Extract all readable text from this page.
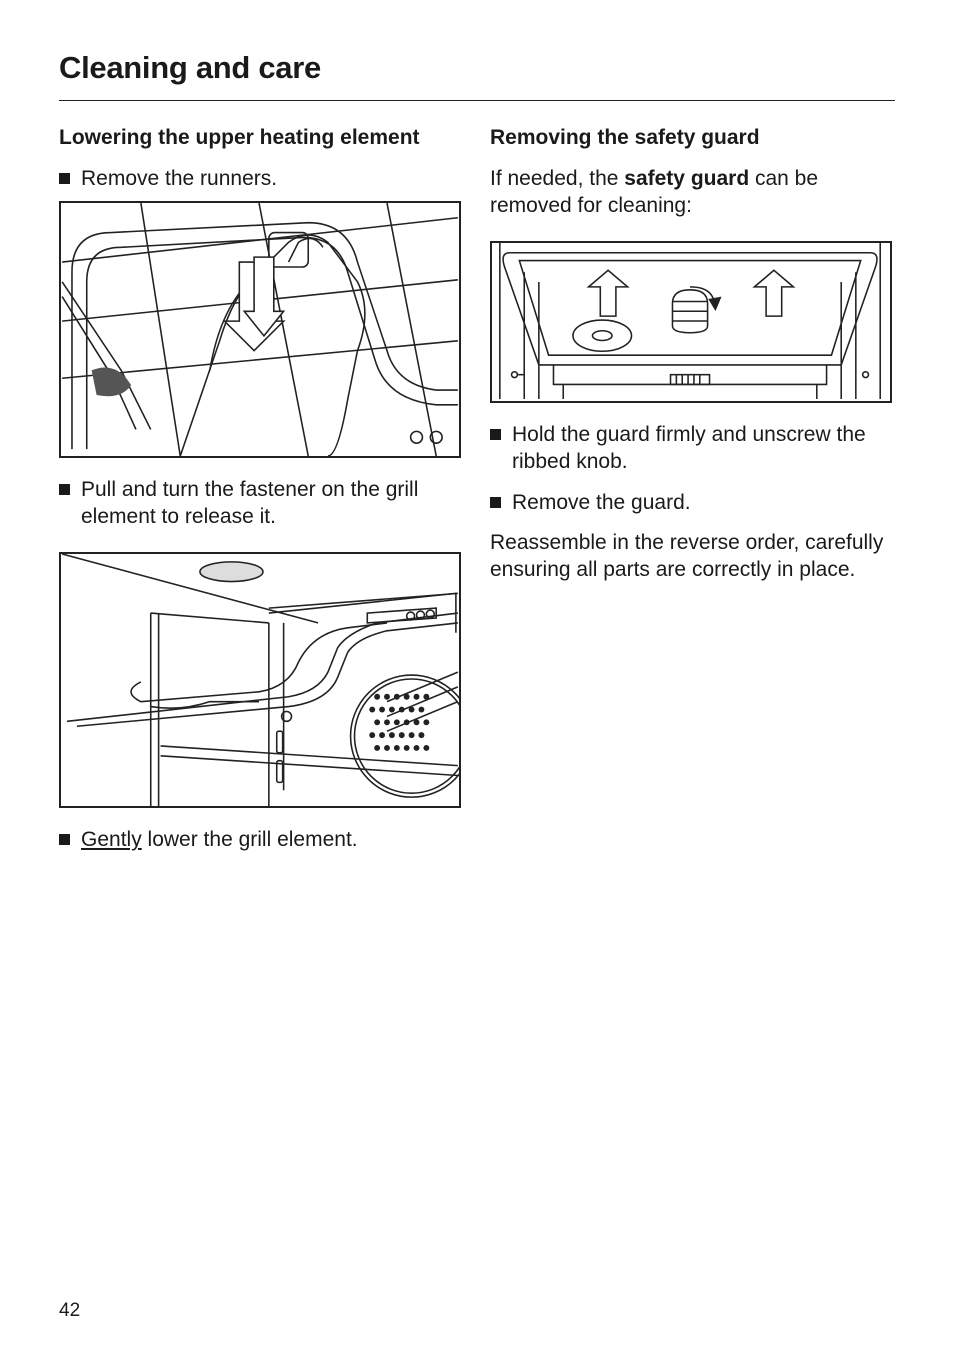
Cleaning and care
Lowering the upper heating element

Remove the runners.

Pull and turn the fastener on the grill element to release it.

Gently lower the grill element.

Removing the safety guard

If needed, the safety guard can be removed for cleaning:

Hold the guard firmly and unscrew the ribbed knob.

Remove the guard.

Reassemble in the reverse order, carefully ensuring all parts are correctly in place.

42
